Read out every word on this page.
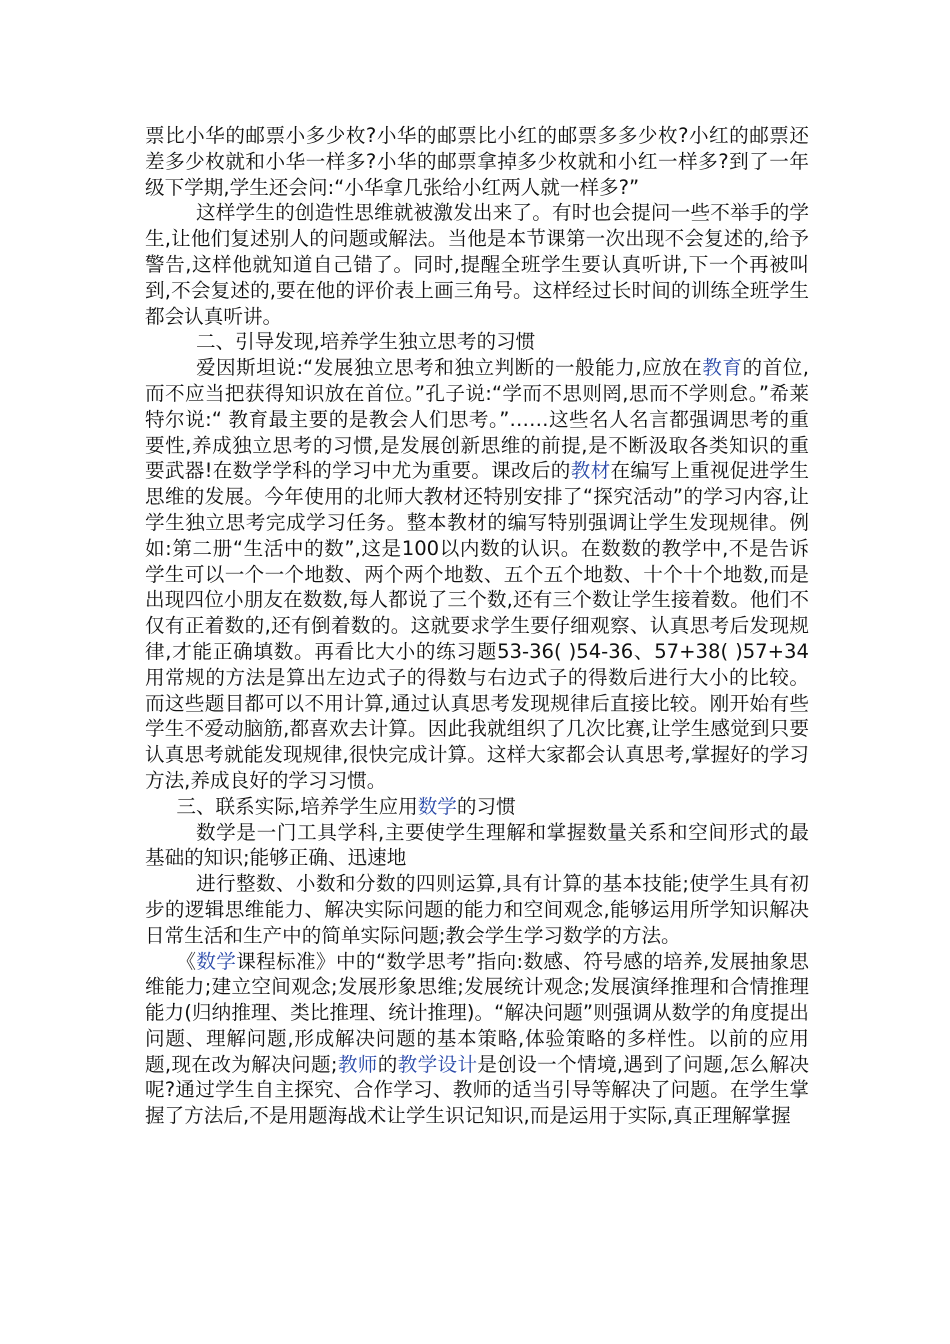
票比小华的邮票小多少枚?小华的邮票比小红的邮票多多少枚?小红的邮票还差多少枚就和小华一样多?小华的邮票拿掉多少枚就和小红一样多?到了一年级下学期,学生还会问:“小华拿几张给小红两人就一样多?”

这样学生的创造性思维就被激发出来了。有时也会提问一些不举手的学生,让他们复述别人的问题或解法。当他是本节课第一次出现不会复述的,给予警告,这样他就知道自己错了。同时,提醒全班学生要认真听讲,下一个再被叫到,不会复述的,要在他的评价表上画三角号。这样经过长时间的训练全班学生都会认真听讲。

二、引导发现,培养学生独立思考的习惯

爱因斯坦说:“发展独立思考和独立判断的一般能力,应放在教育的首位,而不应当把获得知识放在首位。”孔子说:“学而不思则罔,思而不学则怠。”希莱特尔说:“ 教育最主要的是教会人们思考。”……这些名人名言都强调思考的重要性,养成独立思考的习惯,是发展创新思维的前提,是不断汲取各类知识的重要武器!在数学学科的学习中尤为重要。课改后的教材在编写上重视促进学生思维的发展。今年使用的北师大教材还特别安排了“探究活动”的学习内容,让学生独立思考完成学习任务。整本教材的编写特别强调让学生发现规律。例如:第二册“生活中的数”,这是100以内数的认识。在数数的教学中,不是告诉学生可以一个一个地数、两个两个地数、五个五个地数、十个十个地数,而是出现四位小朋友在数数,每人都说了三个数,还有三个数让学生接着数。他们不仅有正着数的,还有倒着数的。这就要求学生要仔细观察、认真思考后发现规律,才能正确填数。再看比大小的练习题53-36( )54-36、57+38( )57+34用常规的方法是算出左边式子的得数与右边式子的得数后进行大小的比较。而这些题目都可以不用计算,通过认真思考发现规律后直接比较。刚开始有些学生不爱动脑筋,都喜欢去计算。因此我就组织了几次比赛,让学生感觉到只要认真思考就能发现规律,很快完成计算。这样大家都会认真思考,掌握好的学习方法,养成良好的学习习惯。

三、联系实际,培养学生应用数学的习惯

数学是一门工具学科,主要使学生理解和掌握数量关系和空间形式的最基础的知识;能够正确、迅速地

进行整数、小数和分数的四则运算,具有计算的基本技能;使学生具有初步的逻辑思维能力、解决实际问题的能力和空间观念,能够运用所学知识解决日常生活和生产中的简单实际问题;教会学生学习数学的方法。

《数学课程标准》中的“数学思考”指向:数感、符号感的培养,发展抽象思维能力;建立空间观念;发展形象思维;发展统计观念;发展演绎推理和合情推理能力(归纳推理、类比推理、统计推理)。“解决问题”则强调从数学的角度提出问题、理解问题,形成解决问题的基本策略,体验策略的多样性。以前的应用题,现在改为解决问题;教师的教学设计是创设一个情境,遇到了问题,怎么解决呢?通过学生自主探究、合作学习、教师的适当引导等解决了问题。在学生掌握了方法后,不是用题海战术让学生识记知识,而是运用于实际,真正理解掌握
